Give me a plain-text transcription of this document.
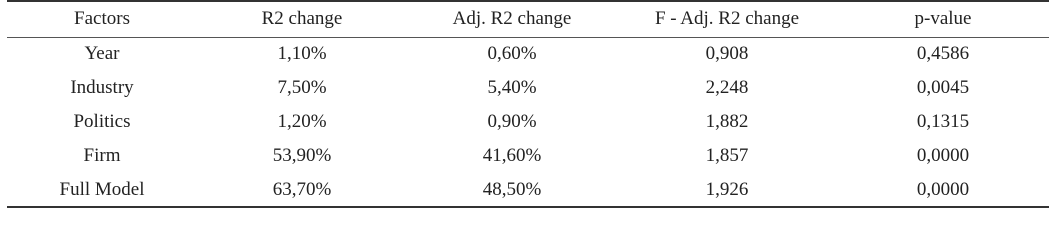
Factors	R2 change	Adj. R2 change	F - Adj. R2 change	p-value
Year	1,10%	0,60%	0,908	0,4586
Industry	7,50%	5,40%	2,248	0,0045
Politics	1,20%	0,90%	1,882	0,1315
Firm	53,90%	41,60%	1,857	0,0000
Full Model	63,70%	48,50%	1,926	0,0000
